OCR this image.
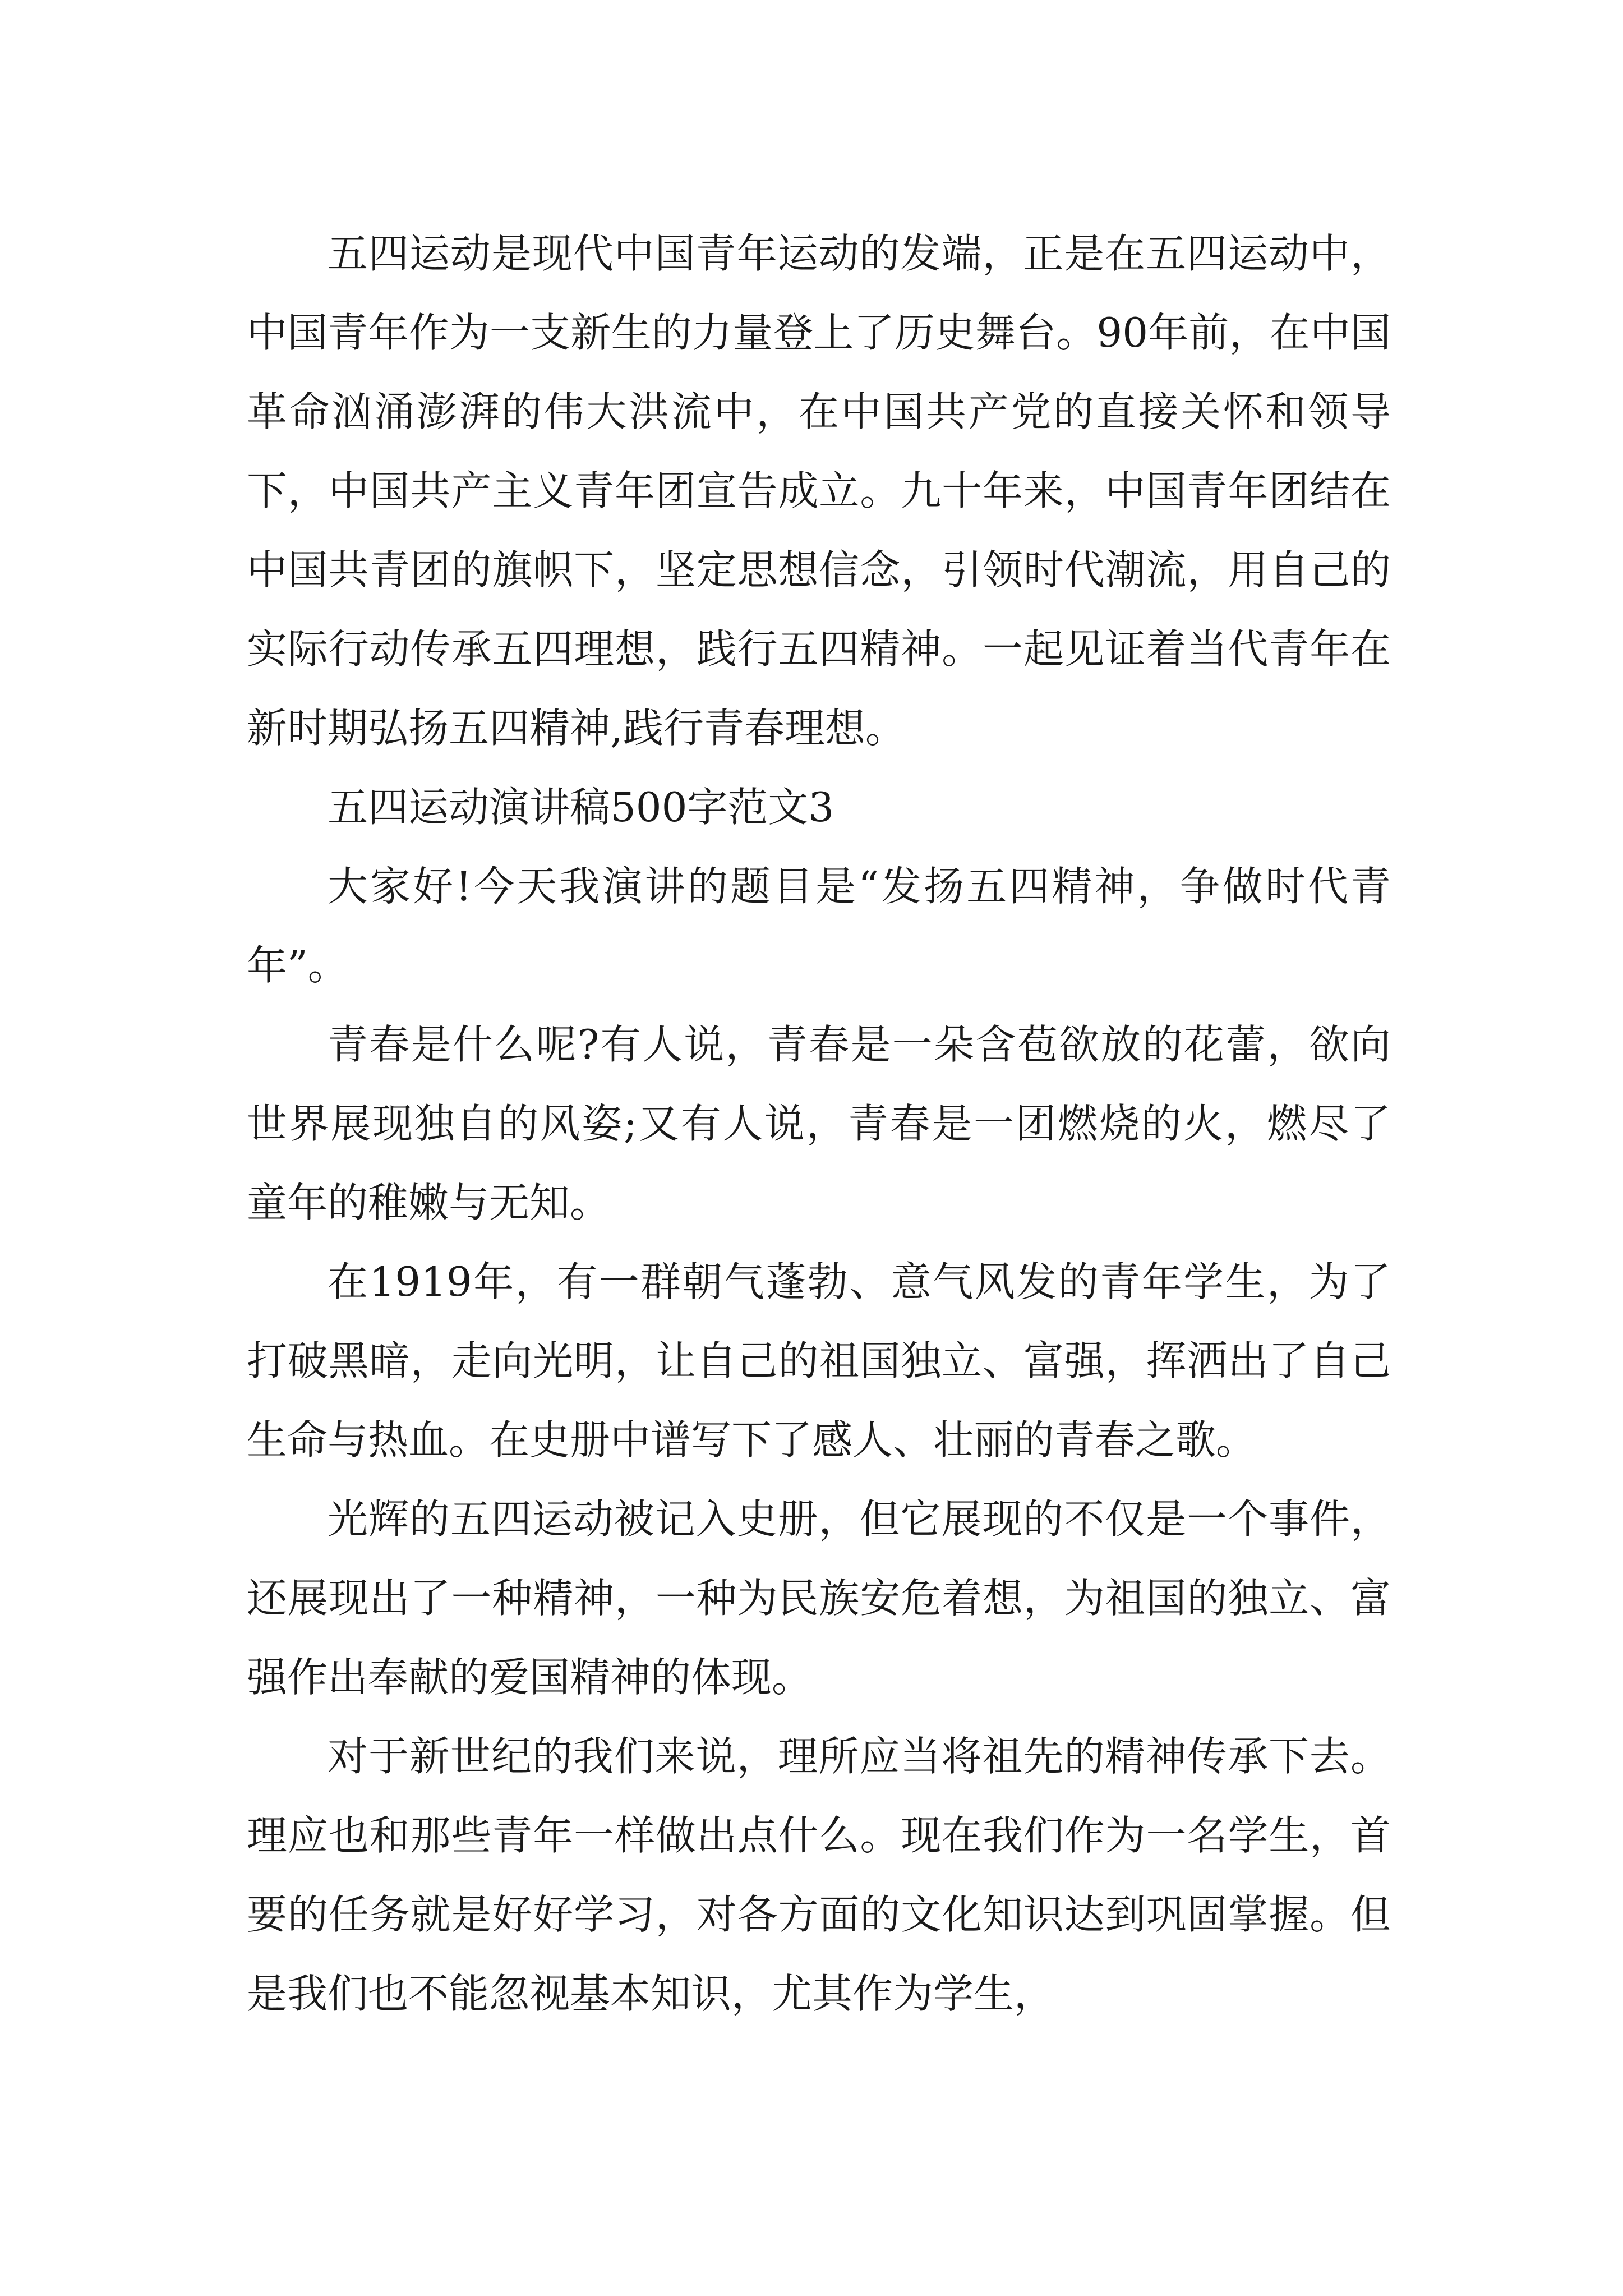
五四运动是现代中国青年运动的发端，正是在五四运动中，中国青年作为一支新生的力量登上了历史舞台。90年前，在中国革命汹涌澎湃的伟大洪流中，在中国共产党的直接关怀和领导下，中国共产主义青年团宣告成立。九十年来，中国青年团结在中国共青团的旗帜下，坚定思想信念，引领时代潮流，用自己的实际行动传承五四理想，践行五四精神。一起见证着当代青年在新时期弘扬五四精神,践行青春理想。

五四运动演讲稿500字范文3

大家好!今天我演讲的题目是“发扬五四精神，争做时代青年”。

青春是什么呢?有人说，青春是一朵含苞欲放的花蕾，欲向世界展现独自的风姿;又有人说，青春是一团燃烧的火，燃尽了童年的稚嫩与无知。

在1919年，有一群朝气蓬勃、意气风发的青年学生，为了打破黑暗，走向光明，让自己的祖国独立、富强，挥洒出了自己生命与热血。在史册中谱写下了感人、壮丽的青春之歌。

光辉的五四运动被记入史册，但它展现的不仅是一个事件，还展现出了一种精神，一种为民族安危着想，为祖国的独立、富强作出奉献的爱国精神的体现。

对于新世纪的我们来说，理所应当将祖先的精神传承下去。理应也和那些青年一样做出点什么。现在我们作为一名学生，首要的任务就是好好学习，对各方面的文化知识达到巩固掌握。但是我们也不能忽视基本知识，尤其作为学生，
